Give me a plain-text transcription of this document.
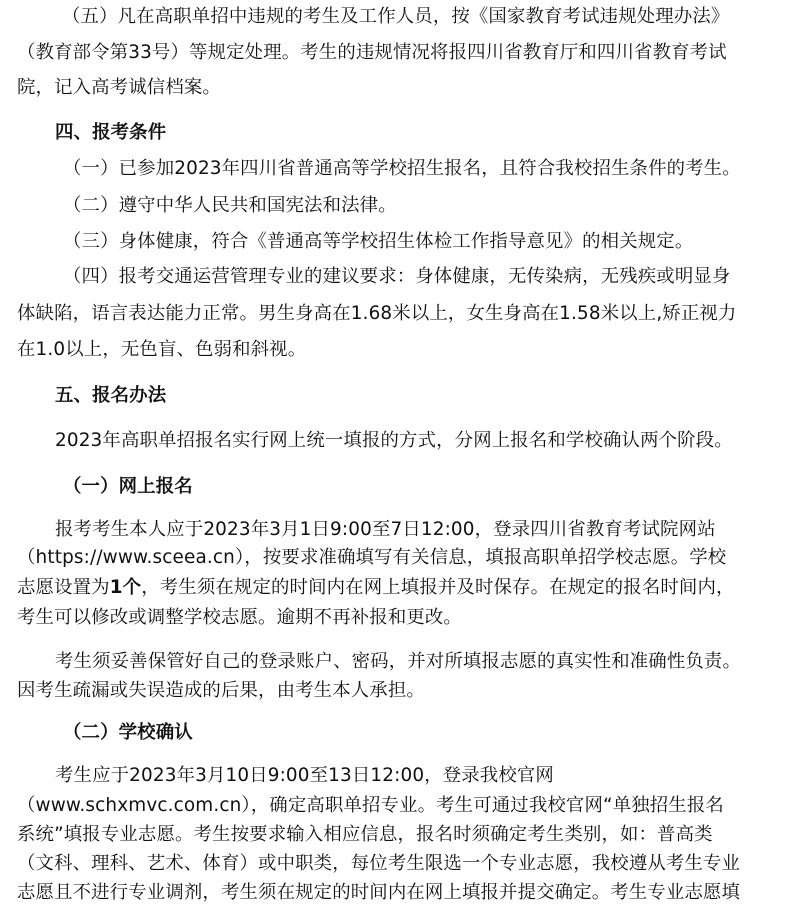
（五）凡在高职单招中违规的考生及工作人员，按《国家教育考试违规处理办法》
（教育部令第33号）等规定处理。考生的违规情况将报四川省教育厅和四川省教育考试
院，记入高考诚信档案。
四、报考条件
（一）已参加2023年四川省普通高等学校招生报名，且符合我校招生条件的考生。
（二）遵守中华人民共和国宪法和法律。
（三）身体健康，符合《普通高等学校招生体检工作指导意见》的相关规定。
（四）报考交通运营管理专业的建议要求：身体健康，无传染病，无残疾或明显身
体缺陷，语言表达能力正常。男生身高在1.68米以上，女生身高在1.58米以上,矫正视力
在1.0以上，无色盲、色弱和斜视。
五、报名办法
2023年高职单招报名实行网上统一填报的方式，分网上报名和学校确认两个阶段。
（一）网上报名
报考考生本人应于2023年3月1日9:00至7日12:00，登录四川省教育考试院网站
（https://www.sceea.cn），按要求准确填写有关信息，填报高职单招学校志愿。学校
志愿设置为1个，考生须在规定的时间内在网上填报并及时保存。在规定的报名时间内，
考生可以修改或调整学校志愿。逾期不再补报和更改。
考生须妥善保管好自己的登录账户、密码，并对所填报志愿的真实性和准确性负责。
因考生疏漏或失误造成的后果，由考生本人承担。
（二）学校确认
考生应于2023年3月10日9:00至13日12:00，登录我校官网
（www.schxmvc.com.cn），确定高职单招专业。考生可通过我校官网“单独招生报名
系统”填报专业志愿。考生按要求输入相应信息，报名时须确定考生类别，如：普高类
（文科、理科、艺术、体育）或中职类，每位考生限选一个专业志愿，我校遵从考生专业
志愿且不进行专业调剂，考生须在规定的时间内在网上填报并提交确定。考生专业志愿填
